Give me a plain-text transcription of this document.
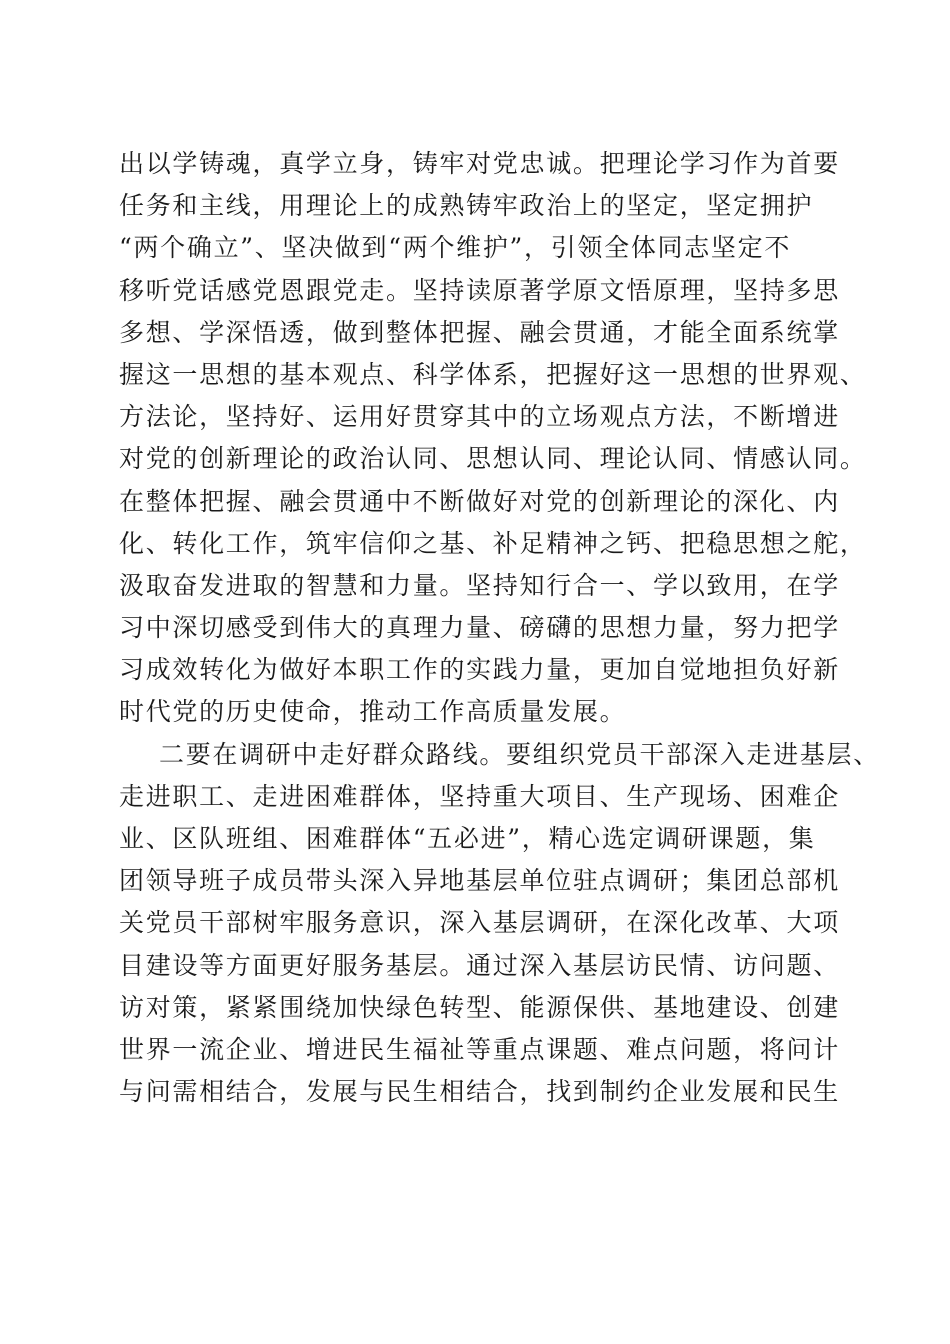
出以学铸魂，真学立身，铸牢对党忠诚。把理论学习作为首要
任务和主线，用理论上的成熟铸牢政治上的坚定，坚定拥护
“两个确立”、坚决做到“两个维护”，引领全体同志坚定不
移听党话感党恩跟党走。坚持读原著学原文悟原理，坚持多思
多想、学深悟透，做到整体把握、融会贯通，才能全面系统掌
握这一思想的基本观点、科学体系，把握好这一思想的世界观、
方法论，坚持好、运用好贯穿其中的立场观点方法，不断增进
对党的创新理论的政治认同、思想认同、理论认同、情感认同。
在整体把握、融会贯通中不断做好对党的创新理论的深化、内
化、转化工作，筑牢信仰之基、补足精神之钙、把稳思想之舵，
汲取奋发进取的智慧和力量。坚持知行合一、学以致用，在学
习中深切感受到伟大的真理力量、磅礴的思想力量，努力把学
习成效转化为做好本职工作的实践力量，更加自觉地担负好新
时代党的历史使命，推动工作高质量发展。
二要在调研中走好群众路线。要组织党员干部深入走进基层、
走进职工、走进困难群体，坚持重大项目、生产现场、困难企
业、区队班组、困难群体“五必进”，精心选定调研课题，集
团领导班子成员带头深入异地基层单位驻点调研；集团总部机
关党员干部树牢服务意识，深入基层调研，在深化改革、大项
目建设等方面更好服务基层。通过深入基层访民情、访问题、
访对策，紧紧围绕加快绿色转型、能源保供、基地建设、创建
世界一流企业、增进民生福祉等重点课题、难点问题，将问计
与问需相结合，发展与民生相结合，找到制约企业发展和民生
